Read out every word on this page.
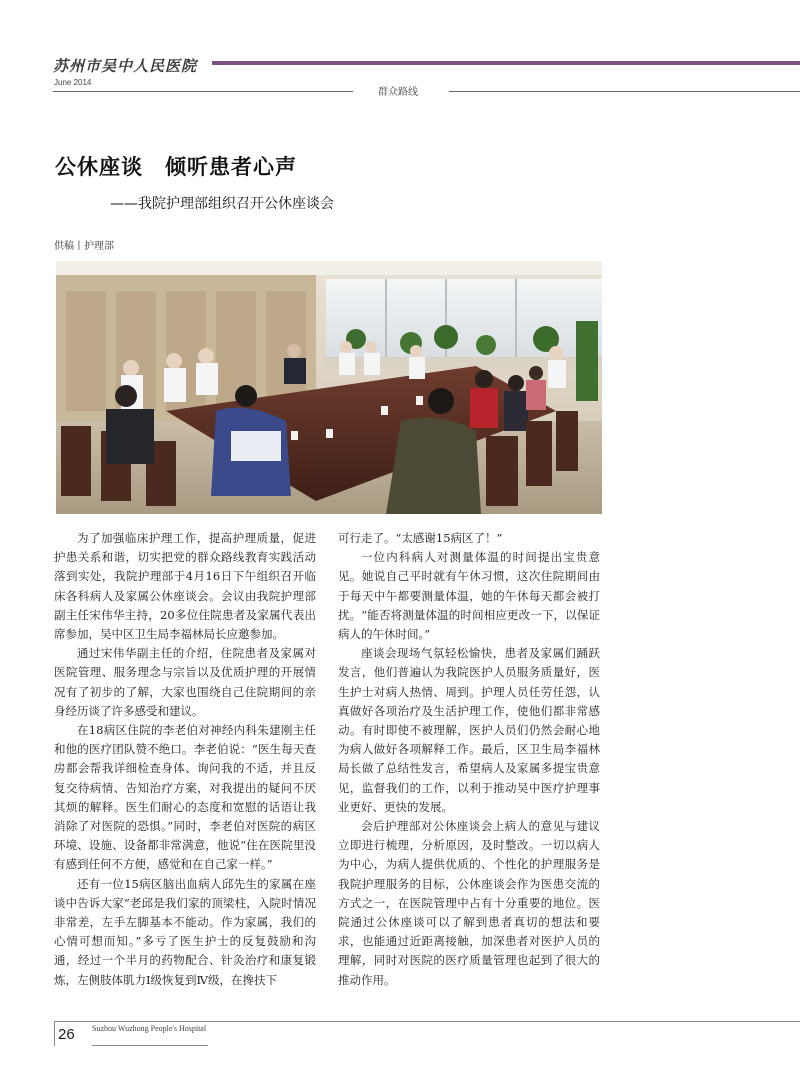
苏州市吴中人民医院
June 2014
群众路线
公休座谈　倾听患者心声
——我院护理部组织召开公休座谈会
供稿丨护理部

为了加强临床护理工作，提高护理质量，促进护患关系和谐，切实把党的群众路线教育实践活动落到实处，我院护理部于4月16日下午组织召开临床各科病人及家属公休座谈会。会议由我院护理部副主任宋伟华主持，20多位住院患者及家属代表出席参加，吴中区卫生局李福林局长应邀参加。

通过宋伟华副主任的介绍，住院患者及家属对医院管理、服务理念与宗旨以及优质护理的开展情况有了初步的了解，大家也围绕自己住院期间的亲身经历谈了许多感受和建议。

在18病区住院的李老伯对神经内科朱建刚主任和他的医疗团队赞不绝口。李老伯说：“医生每天查房都会帮我详细检查身体、询问我的不适，并且反复交待病情、告知治疗方案，对我提出的疑问不厌其烦的解释。医生们耐心的态度和宽慰的话语让我消除了对医院的恐惧。”同时，李老伯对医院的病区环境、设施、设备都非常满意，他说“住在医院里没有感到任何不方便，感觉和在自己家一样。”

还有一位15病区脑出血病人邱先生的家属在座谈中告诉大家“老邱是我们家的顶梁柱，入院时情况非常差，左手左脚基本不能动。作为家属，我们的心情可想而知。”多亏了医生护士的反复鼓励和沟通，经过一个半月的药物配合、针灸治疗和康复锻炼，左侧肢体肌力Ⅰ级恢复到Ⅳ级，在搀扶下

可行走了。“太感谢15病区了！”

一位内科病人对测量体温的时间提出宝贵意见。她说自己平时就有午休习惯，这次住院期间由于每天中午都要测量体温，她的午休每天都会被打扰。“能否将测量体温的时间相应更改一下，以保证病人的午休时间。”

座谈会现场气氛轻松愉快，患者及家属们踊跃发言，他们普遍认为我院医护人员服务质量好，医生护士对病人热情、周到。护理人员任劳任怨，认真做好各项治疗及生活护理工作，使他们都非常感动。有时即使不被理解，医护人员们仍然会耐心地为病人做好各项解释工作。最后，区卫生局李福林局长做了总结性发言，希望病人及家属多提宝贵意见，监督我们的工作，以利于推动吴中医疗护理事业更好、更快的发展。

会后护理部对公休座谈会上病人的意见与建议立即进行梳理，分析原因，及时整改。一切以病人为中心，为病人提供优质的、个性化的护理服务是我院护理服务的目标，公休座谈会作为医患交流的方式之一，在医院管理中占有十分重要的地位。医院通过公休座谈可以了解到患者真切的想法和要求，也能通过近距离接触，加深患者对医护人员的理解，同时对医院的医疗质量管理也起到了很大的推动作用。

26 Suzhou Wuzhong People's Hospital
